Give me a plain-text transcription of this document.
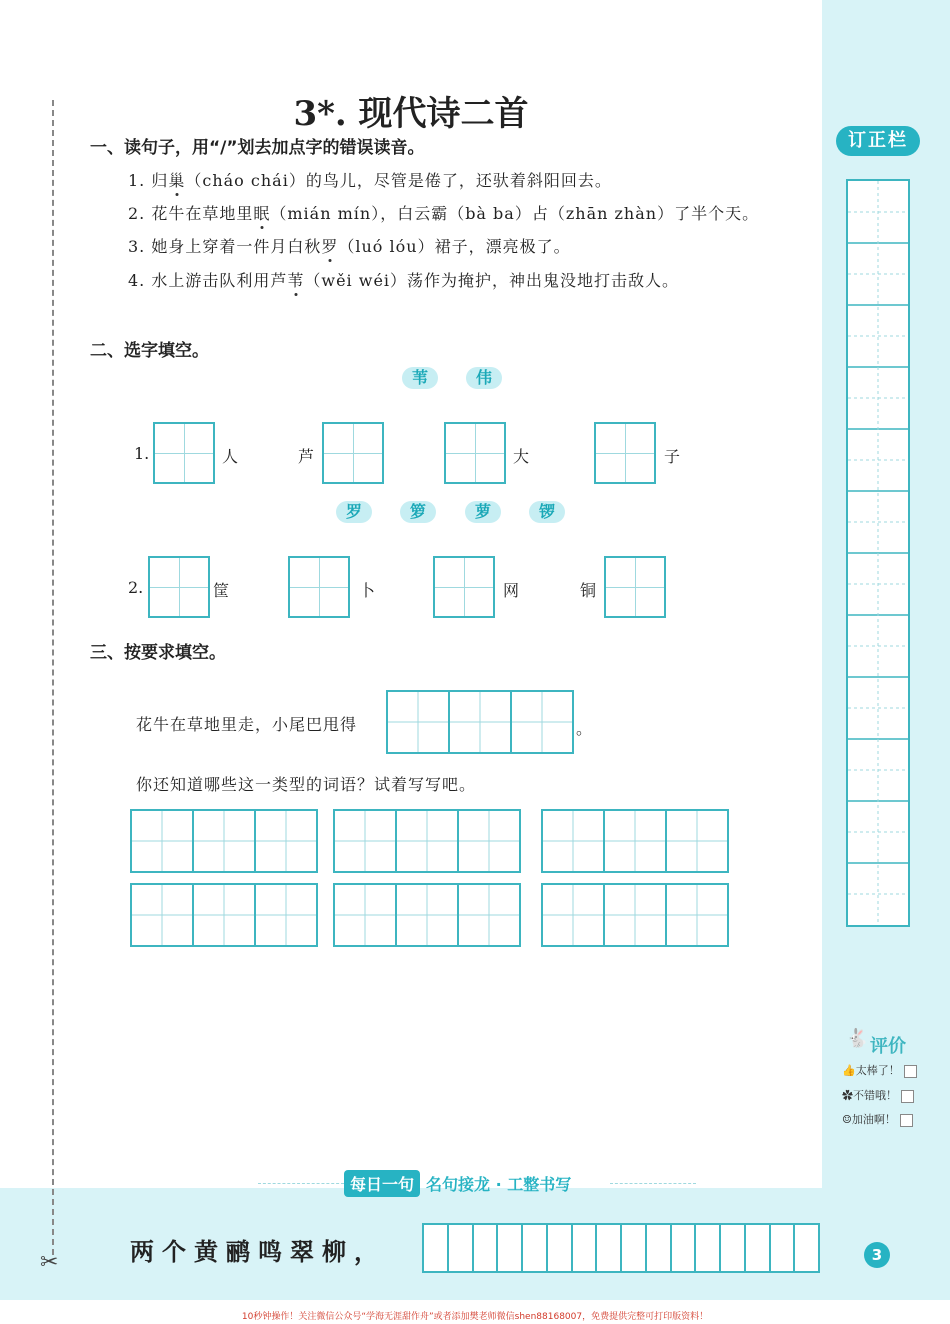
✂
3*. 现代诗二首
一、读句子，用“/”划去加点字的错误读音。
1. 归巢（cháo chái）的鸟儿，尽管是倦了，还驮着斜阳回去。
2. 花牛在草地里眠（mián mín），白云霸（bà ba）占（zhān zhàn）了半个天。
3. 她身上穿着一件月白秋罗（luó lóu）裙子，漂亮极了。
4. 水上游击队利用芦苇（wěi wéi）荡作为掩护，神出鬼没地打击敌人。
二、选字填空。
苇	伟
1.	人	芦	大	子
罗	箩	萝	锣
2.	筐	卜	网	铜
三、按要求填空。
花牛在草地里走，小尾巴甩得	。
你还知道哪些这一类型的词语？试着写写吧。
订正栏
🐇 评价
👍太棒了！
✿不错哦！
☺加油啊！
每日一句 名句接龙 · 工整书写
两个黄鹂鸣翠柳，	3
10秒钟操作！关注微信公众号“学海无涯甜作舟”或者添加樊老师微信shen88168007，免费提供完整可打印版资料！
